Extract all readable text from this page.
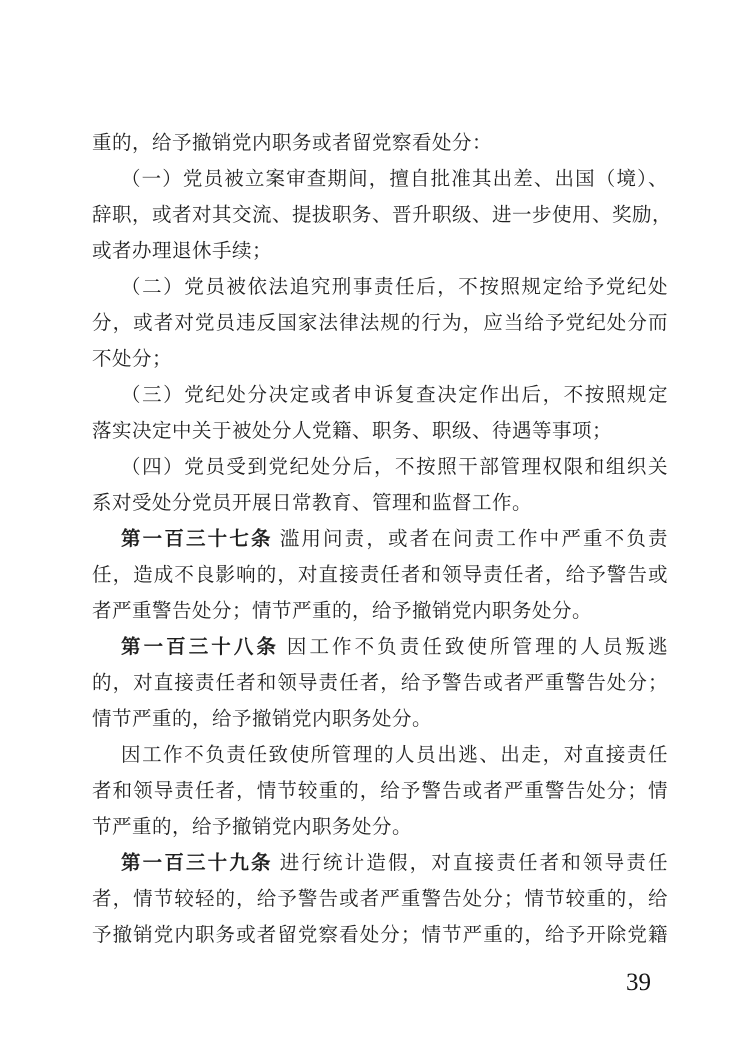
重的，给予撤销党内职务或者留党察看处分：
（一）党员被立案审查期间，擅自批准其出差、出国（境）、
辞职，或者对其交流、提拔职务、晋升职级、进一步使用、奖励，
或者办理退休手续；
（二）党员被依法追究刑事责任后，不按照规定给予党纪处
分，或者对党员违反国家法律法规的行为，应当给予党纪处分而
不处分；
（三）党纪处分决定或者申诉复查决定作出后，不按照规定
落实决定中关于被处分人党籍、职务、职级、待遇等事项；
（四）党员受到党纪处分后，不按照干部管理权限和组织关
系对受处分党员开展日常教育、管理和监督工作。
第一百三十七条 滥用问责，或者在问责工作中严重不负责
任，造成不良影响的，对直接责任者和领导责任者，给予警告或
者严重警告处分；情节严重的，给予撤销党内职务处分。
第一百三十八条 因工作不负责任致使所管理的人员叛逃
的，对直接责任者和领导责任者，给予警告或者严重警告处分；
情节严重的，给予撤销党内职务处分。
因工作不负责任致使所管理的人员出逃、出走，对直接责任
者和领导责任者，情节较重的，给予警告或者严重警告处分；情
节严重的，给予撤销党内职务处分。
第一百三十九条 进行统计造假，对直接责任者和领导责任
者，情节较轻的，给予警告或者严重警告处分；情节较重的，给
予撤销党内职务或者留党察看处分；情节严重的，给予开除党籍
39
